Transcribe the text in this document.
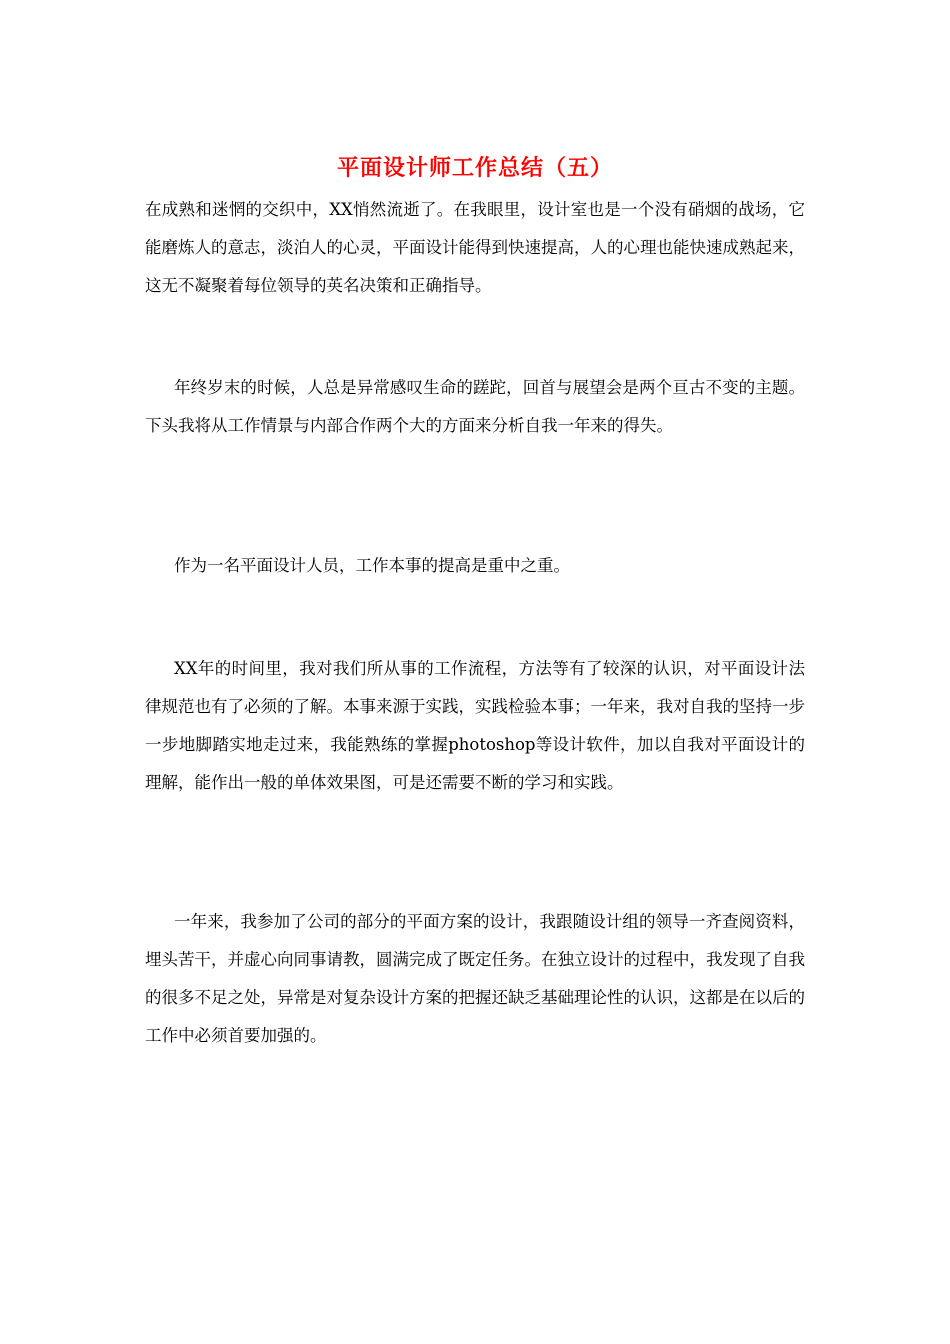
平面设计师工作总结（五）
在成熟和迷惘的交织中，XX悄然流逝了。在我眼里，设计室也是一个没有硝烟的战场，它能磨炼人的意志，淡泊人的心灵，平面设计能得到快速提高，人的心理也能快速成熟起来，这无不凝聚着每位领导的英名决策和正确指导。
年终岁末的时候，人总是异常感叹生命的蹉跎，回首与展望会是两个亘古不变的主题。下头我将从工作情景与内部合作两个大的方面来分析自我一年来的得失。
作为一名平面设计人员，工作本事的提高是重中之重。
XX年的时间里，我对我们所从事的工作流程，方法等有了较深的认识，对平面设计法律规范也有了必须的了解。本事来源于实践，实践检验本事；一年来，我对自我的坚持一步一步地脚踏实地走过来，我能熟练的掌握photoshop等设计软件，加以自我对平面设计的理解，能作出一般的单体效果图，可是还需要不断的学习和实践。
一年来，我参加了公司的部分的平面方案的设计，我跟随设计组的领导一齐查阅资料，埋头苦干，并虚心向同事请教，圆满完成了既定任务。在独立设计的过程中，我发现了自我的很多不足之处，异常是对复杂设计方案的把握还缺乏基础理论性的认识，这都是在以后的工作中必须首要加强的。
